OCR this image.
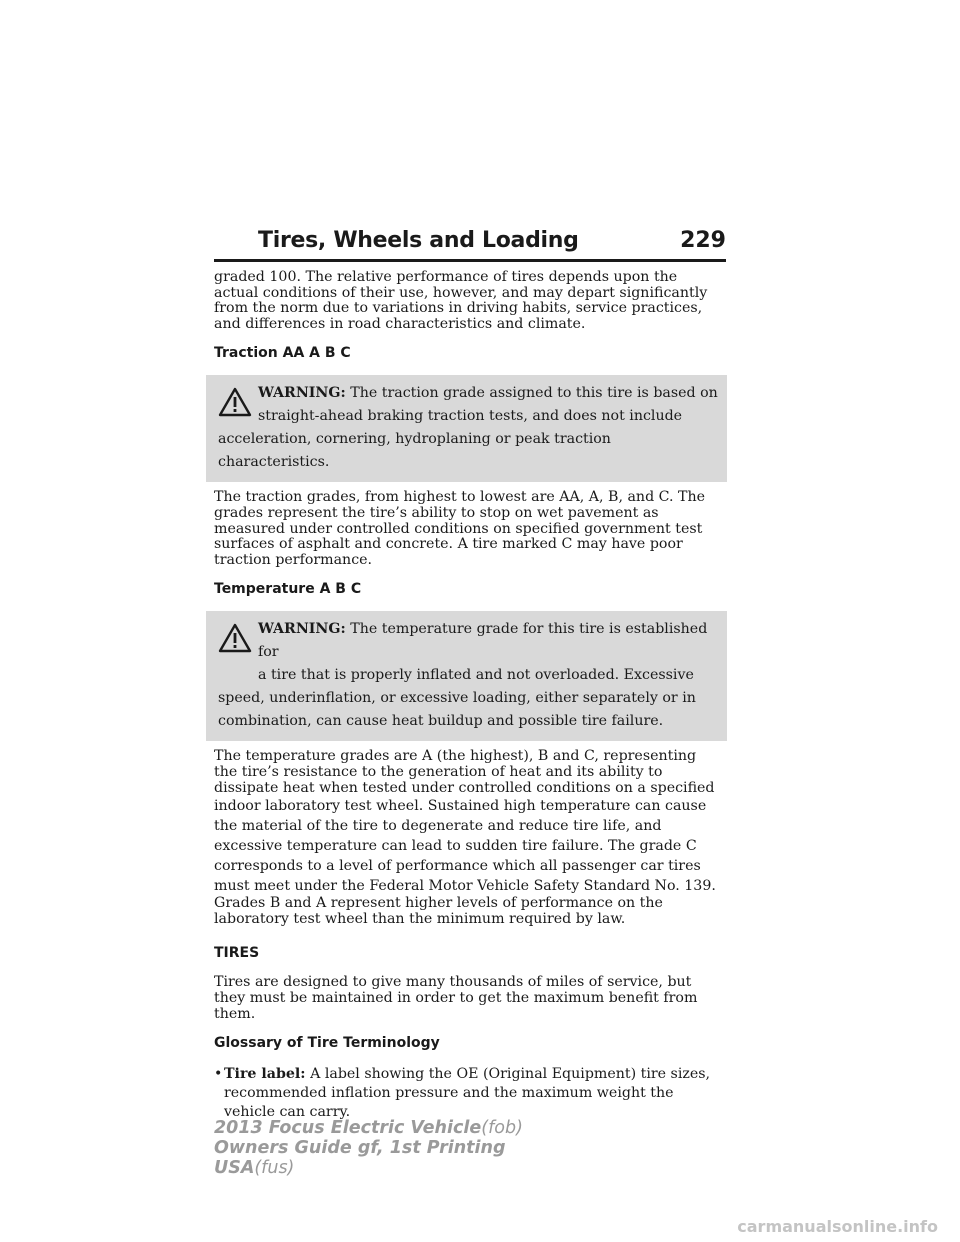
Tires, Wheels and Loading	229

graded 100. The relative performance of tires depends upon the actual conditions of their use, however, and may depart significantly from the norm due to variations in driving habits, service practices, and differences in road characteristics and climate.

Traction AA A B C
WARNING: The traction grade assigned to this tire is based on
straight-ahead braking traction tests, and does not include
acceleration, cornering, hydroplaning or peak traction characteristics.

The traction grades, from highest to lowest are AA, A, B, and C. The grades represent the tire’s ability to stop on wet pavement as measured under controlled conditions on specified government test surfaces of asphalt and concrete. A tire marked C may have poor traction performance.

Temperature A B C
WARNING: The temperature grade for this tire is established for
a tire that is properly inflated and not overloaded. Excessive
speed, underinflation, or excessive loading, either separately or in
combination, can cause heat buildup and possible tire failure.

The temperature grades are A (the highest), B and C, representing the tire’s resistance to the generation of heat and its ability to dissipate heat when tested under controlled conditions on a specified indoor laboratory test wheel. Sustained high temperature can cause the material of the tire to degenerate and reduce tire life, and excessive temperature can lead to sudden tire failure. The grade C corresponds to a level of performance which all passenger car tires must meet under the Federal Motor Vehicle Safety Standard No. 139. Grades B and A represent higher levels of performance on the laboratory test wheel than the minimum required by law.

TIRES

Tires are designed to give many thousands of miles of service, but they must be maintained in order to get the maximum benefit from them.

Glossary of Tire Terminology
• Tire label: A label showing the OE (Original Equipment) tire sizes, recommended inflation pressure and the maximum weight the vehicle can carry.
2013 Focus Electric Vehicle(fob)
Owners Guide gf, 1st Printing
USA(fus)
carmanualsonline.info
